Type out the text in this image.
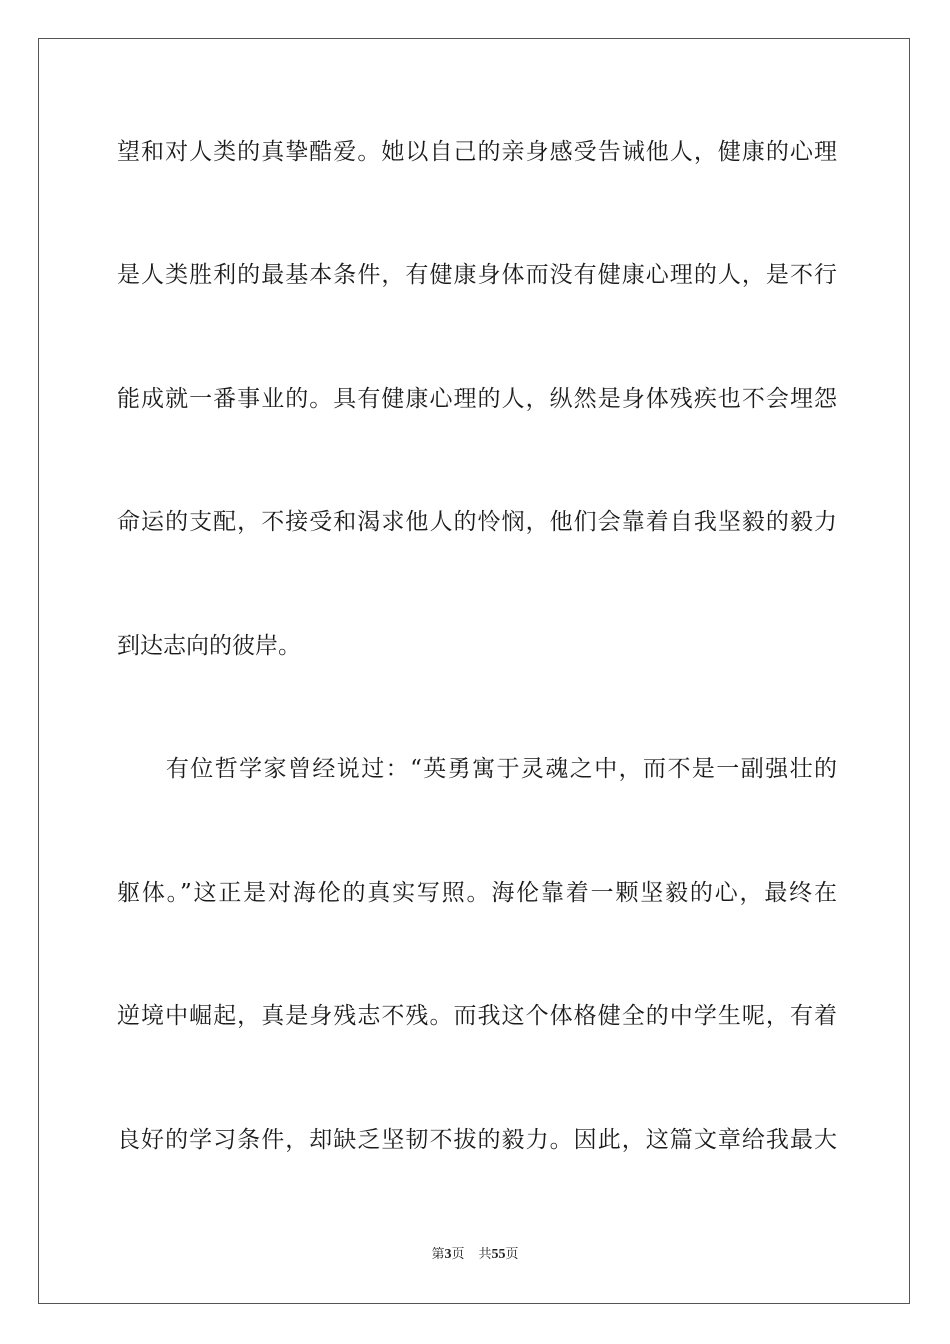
望和对人类的真挚酷爱。她以自己的亲身感受告诫他人，健康的心理
是人类胜利的最基本条件，有健康身体而没有健康心理的人，是不行
能成就一番事业的。具有健康心理的人，纵然是身体残疾也不会埋怨
命运的支配，不接受和渴求他人的怜悯，他们会靠着自我坚毅的毅力
到达志向的彼岸。
　　有位哲学家曾经说过：“英勇寓于灵魂之中，而不是一副强壮的
躯体。”这正是对海伦的真实写照。海伦靠着一颗坚毅的心，最终在
逆境中崛起，真是身残志不残。而我这个体格健全的中学生呢，有着
良好的学习条件，却缺乏坚韧不拔的毅力。因此，这篇文章给我最大
第3页 共55页
